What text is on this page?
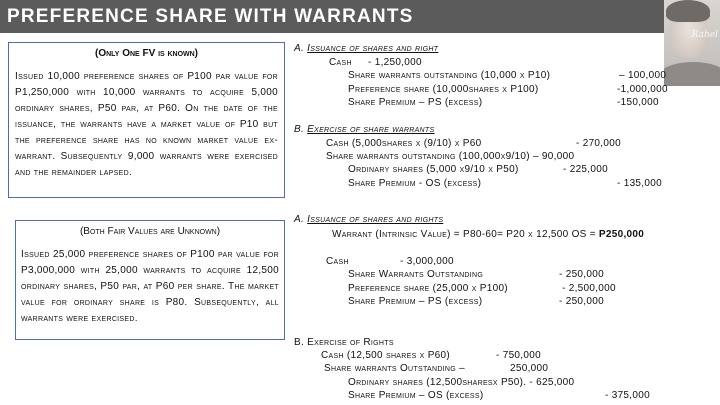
PREFERENCE SHARE WITH WARRANTS
Rahel
(Only One FV is known)
Issued 10,000 preference shares of P100 par value for P1,250,000 with 10,000 warrants to acquire 5,000 ordinary shares, P50 par, at P60. On the date of the issuance, the warrants have a market value of P10 but the preference share has no known market value ex-warrant. Subsequently 9,000 warrants were exercised and the remainder lapsed.
(Both Fair Values are Unknown)
Issued 25,000 preference shares of P100 par value for P3,000,000 with 25,000 warrants to acquire 12,500 ordinary shares, P50 par, at P60 per share. The market value for ordinary share is P80. Subsequently, all warrants were exercised.
A. Issuance of shares and right
Cash - 1,250,000
Share warrants outstanding (10,000 x P10)	– 100,000
Preference share (10,000shares x P100)	-1,000,000
Share Premium – PS (excess)	-150,000
B. Exercise of share warrants
Cash (5,000shares x (9/10) x P60	- 270,000
Share warrants outstanding (100,000x9/10) – 90,000
Ordinary shares (5,000 x9/10 x P50)	- 225,000
Share Premium - OS (excess)	- 135,000
A. Issuance of shares and rights
Warrant (Intrinsic Value) = P80-60= P20 x 12,500 OS = P250,000
Cash	- 3,000,000
Share Warrants Outstanding	- 250,000
Preference share (25,000 x P100)	- 2,500,000
Share Premium – PS (excess)	- 250,000
B. Exercise of Rights
Cash (12,500 shares x P60)	- 750,000
Share warrants Outstanding –	250,000
Ordinary shares (12,500sharesx P50). - 625,000
Share Premium – OS (excess)	- 375,000
